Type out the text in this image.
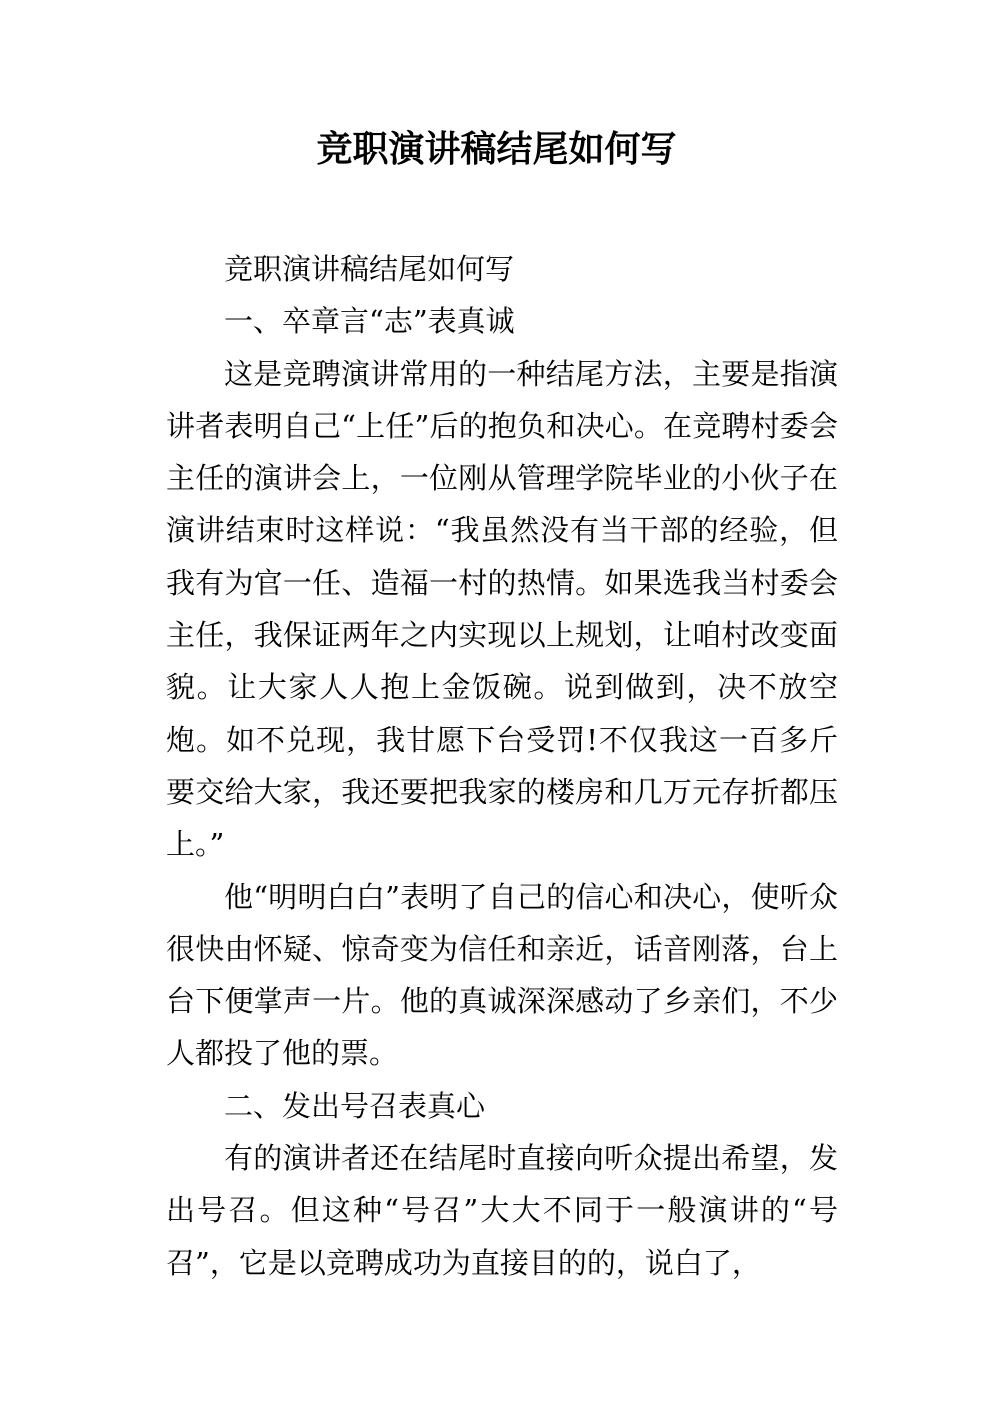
竞职演讲稿结尾如何写

竞职演讲稿结尾如何写

一、卒章言“志”表真诚

这是竞聘演讲常用的一种结尾方法，主要是指演讲者表明自己“上任”后的抱负和决心。在竞聘村委会主任的演讲会上，一位刚从管理学院毕业的小伙子在演讲结束时这样说：“我虽然没有当干部的经验，但我有为官一任、造福一村的热情。如果选我当村委会主任，我保证两年之内实现以上规划，让咱村改变面貌。让大家人人抱上金饭碗。说到做到，决不放空炮。如不兑现，我甘愿下台受罚!不仅我这一百多斤要交给大家，我还要把我家的楼房和几万元存折都压上。”

他“明明白白”表明了自己的信心和决心，使听众很快由怀疑、惊奇变为信任和亲近，话音刚落，台上台下便掌声一片。他的真诚深深感动了乡亲们，不少人都投了他的票。

二、发出号召表真心

有的演讲者还在结尾时直接向听众提出希望，发出号召。但这种“号召”大大不同于一般演讲的“号召”，它是以竞聘成功为直接目的的，说白了，
